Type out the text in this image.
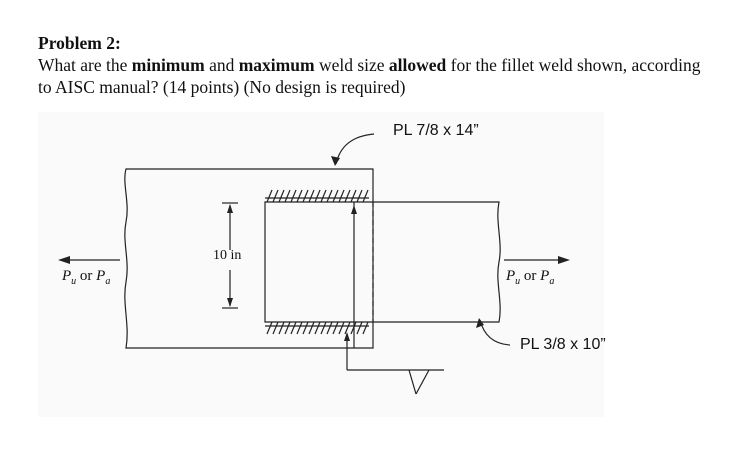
Problem 2:
What are the minimum and maximum weld size allowed for the fillet weld shown, according to AISC manual? (14 points) (No design is required)
PL 7/8 x 14”
PL 3/8 x 10”
10 in
$P_u$ or $P_a$	$P_u$ or $P_a$
